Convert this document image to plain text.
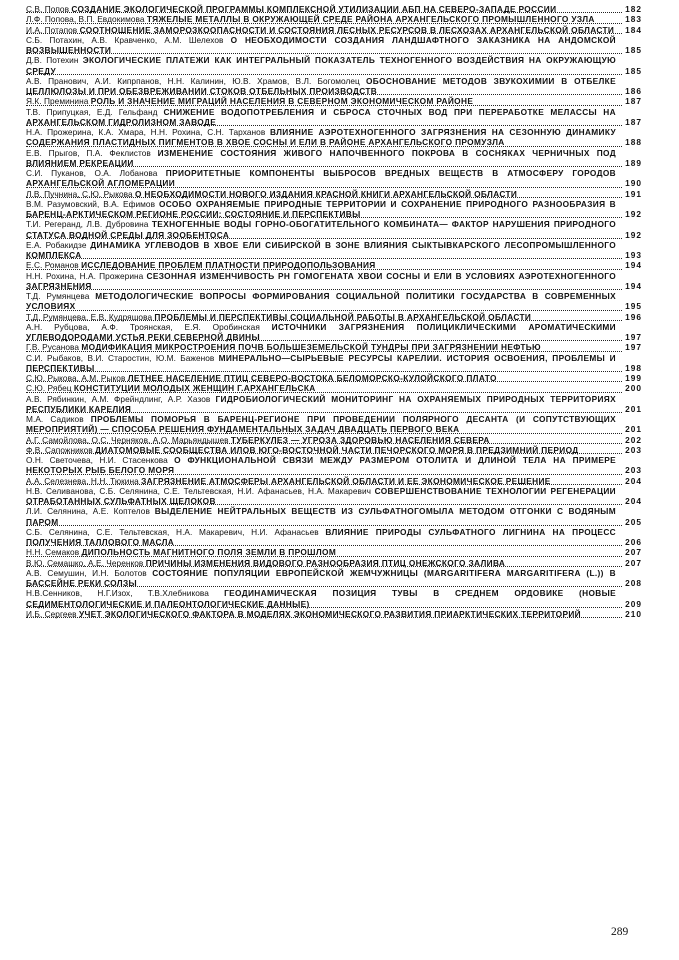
С.В. Попов СОЗДАНИЕ ЭКОЛОГИЧЕСКОЙ ПРОГРАММЫ КОМПЛЕКСНОЙ УТИЛИЗАЦИИ АБП НА СЕВЕРО-ЗАПАДЕ РОССИИ	182
Л.Ф. Попова, В.П. Евдокимова ТЯЖЕЛЫЕ МЕТАЛЛЫ В ОКРУЖАЮЩЕЙ СРЕДЕ РАЙОНА АРХАНГЕЛЬСКОГО ПРОМЫШЛЕННОГО УЗЛА	183
И.А. Потапов СООТНОШЕНИЕ ЗАМОРОЗКООПАСНОСТИ И СОСТОЯНИЯ ЛЕСНЫХ РЕСУРСОВ В ЛЕСХОЗАХ АРХАНГЕЛЬСКОЙ ОБЛАСТИ 184
С.Б. Потахин, А.В. Кравченко, А.М. Шелехов О НЕОБХОДИМОСТИ СОЗДАНИЯ ЛАНДШАФТНОГО ЗАКАЗНИКА НА АНДОМСКОЙ ВОЗВЫШЕННОСТИ	185
Д.В. Потехин ЭКОЛОГИЧЕСКИЕ ПЛАТЕЖИ КАК ИНТЕГРАЛЬНЫЙ ПОКАЗАТЕЛЬ ТЕХНОГЕННОГО ВОЗДЕЙСТВИЯ НА ОКРУЖАЮЩУЮ СРЕДУ	185
А.В. Пранович, А.И. Кипрпанов, Н.Н. Калинин, Ю.В. Храмов, В.Л. Богомолец ОБОСНОВАНИЕ МЕТОДОВ ЗВУКОХИМИИ В ОТБЕЛКЕ ЦЕЛЛЮЛОЗЫ И ПРИ ОБЕЗВРЕЖИВАНИИ СТОКОВ ОТБЕЛЬНЫХ ПРОИЗВОДСТВ	186
Я.К. Преминина РОЛЬ И ЗНАЧЕНИЕ МИГРАЦИЙ НАСЕЛЕНИЯ В СЕВЕРНОМ ЭКОНОМИЧЕСКОМ РАЙОНЕ	187
Т.В. Припуцкая, Е.Д. Гельфанд СНИЖЕНИЕ ВОДОПОТРЕБЛЕНИЯ И СБРОСА СТОЧНЫХ ВОД ПРИ ПЕРЕРАБОТКЕ МЕЛАССЫ НА АРХАНГЕЛЬСКОМ ГИДРОЛИЗНОМ ЗАВОДЕ	187
Н.А. Прожерина, К.А. Хмара, Н.Н. Рохина, С.Н. Тарханов ВЛИЯНИЕ АЭРОТЕХНОГЕННОГО ЗАГРЯЗНЕНИЯ НА СЕЗОННУЮ ДИНАМИКУ СОДЕРЖАНИЯ ПЛАСТИДНЫХ ПИГМЕНТОВ В ХВОЕ СОСНЫ И ЕЛИ В РАЙОНЕ АРХАНГЕЛЬСКОГО ПРОМУЗЛА	188
Е.В. Прыгов, П.А. Феклистов ИЗМЕНЕНИЕ СОСТОЯНИЯ ЖИВОГО НАПОЧВЕННОГО ПОКРОВА В СОСНЯКАХ ЧЕРНИЧНЫХ ПОД ВЛИЯНИЕМ РЕКРЕАЦИИ	189
С.И. Пуканов, О.А. Лобанова ПРИОРИТЕТНЫЕ КОМПОНЕНТЫ ВЫБРОСОВ ВРЕДНЫХ ВЕЩЕСТВ В АТМОСФЕРУ ГОРОДОВ АРХАНГЕЛЬСКОЙ АГЛОМЕРАЦИИ	190
Л.В. Пучнина, С.Ю. Рыкова О НЕОБХОДИМОСТИ НОВОГО ИЗДАНИЯ КРАСНОЙ КНИГИ АРХАНГЕЛЬСКОЙ ОБЛАСТИ	191
В.М. Разумовский, В.А. Ефимов ОСОБО ОХРАНЯЕМЫЕ ПРИРОДНЫЕ ТЕРРИТОРИИ И СОХРАНЕНИЕ ПРИРОДНОГО РАЗНООБРАЗИЯ В БАРЕНЦ-АРКТИЧЕСКОМ РЕГИОНЕ РОССИИ: СОСТОЯНИЕ И ПЕРСПЕКТИВЫ	192
Т.И. Регеранд, Л.В. Дубровина ТЕХНОГЕННЫЕ ВОДЫ ГОРНО-ОБОГАТИТЕЛЬНОГО КОМБИНАТА— ФАКТОР НАРУШЕНИЯ ПРИРОДНОГО СТАТУСА ВОДНОЙ СРЕДЫ ДЛЯ ЗООБЕНТОСА	192
Е.А. Робакидзе ДИНАМИКА УГЛЕВОДОВ В ХВОЕ ЕЛИ СИБИРСКОЙ В ЗОНЕ ВЛИЯНИЯ СЫКТЫВКАРСКОГО ЛЕСОПРОМЫШЛЕННОГО КОМПЛЕКСА	193
Е.С. Романов ИССЛЕДОВАНИЕ ПРОБЛЕМ ПЛАТНОСТИ ПРИРОДОПОЛЬЗОВАНИЯ	194
Н.Н. Рохина, Н.А. Прожерина СЕЗОННАЯ ИЗМЕНЧИВОСТЬ PH ГОМОГЕНАТА ХВОИ СОСНЫ И ЕЛИ В УСЛОВИЯХ АЭРОТЕХНОГЕННОГО ЗАГРЯЗНЕНИЯ	194
Т.Д. Румянцева МЕТОДОЛОГИЧЕСКИЕ ВОПРОСЫ ФОРМИРОВАНИЯ СОЦИАЛЬНОЙ ПОЛИТИКИ ГОСУДАРСТВА В СОВРЕМЕННЫХ УСЛОВИЯХ	195
Т.Д. Румянцева, Е.В. Кудряшова ПРОБЛЕМЫ И ПЕРСПЕКТИВЫ СОЦИАЛЬНОЙ РАБОТЫ В АРХАНГЕЛЬСКОЙ ОБЛАСТИ	196
А.Н. Рубцова, А.Ф. Троянская, Е.Я. Оробинская ИСТОЧНИКИ ЗАГРЯЗНЕНИЯ ПОЛИЦИКЛИЧЕСКИМИ АРОМАТИЧЕСКИМИ УГЛЕВОДОРОДАМИ УСТЬЯ РЕКИ СЕВЕРНОЙ ДВИНЫ	197
Г.В. Русанова МОДИФИКАЦИЯ МИКРОСТРОЕНИЯ ПОЧВ БОЛЬШЕЗЕМЕЛЬСКОЙ ТУНДРЫ ПРИ ЗАГРЯЗНЕНИИ НЕФТЬЮ	197
С.И. Рыбаков, В.И. Старостин, Ю.М. Баженов МИНЕРАЛЬНО—СЫРЬЕВЫЕ РЕСУРСЫ КАРЕЛИИ. ИСТОРИЯ ОСВОЕНИЯ, ПРОБЛЕМЫ И ПЕРСПЕКТИВЫ	198
С.Ю. Рыкова, А.М. Рыков ЛЕТНЕЕ НАСЕЛЕНИЕ ПТИЦ СЕВЕРО-ВОСТОКА БЕЛОМОРСКО-КУЛОЙСКОГО ПЛАТО	199
С.Ю. Рябец КОНСТИТУЦИИ МОЛОДЫХ ЖЕНЩИН Г.АРХАНГЕЛЬСКА	200
А.В. Рябинкин, А.М. Фрейндлинг, А.Р. Хазов ГИДРОБИОЛОГИЧЕСКИЙ МОНИТОРИНГ НА ОХРАНЯЕМЫХ ПРИРОДНЫХ ТЕРРИТОРИЯХ РЕСПУБЛИКИ КАРЕЛИЯ	201
М.А. Садиков ПРОБЛЕМЫ ПОМОРЬЯ В БАРЕНЦ-РЕГИОНЕ ПРИ ПРОВЕДЕНИИ ПОЛЯРНОГО ДЕСАНТА (И СОПУТСТВУЮЩИХ МЕРОПРИЯТИЙ) — СПОСОБА РЕШЕНИЯ ФУНДАМЕНТАЛЬНЫХ ЗАДАЧ ДВАДЦАТЬ ПЕРВОГО ВЕКА	201
А.Г. Самойлова, О.С. Черняков, А.О. Марьяндышев ТУБЕРКУЛЕЗ — УГРОЗА ЗДОРОВЬЮ НАСЕЛЕНИЯ СЕВЕРА	202
Ф.В. Сапожников ДИАТОМОВЫЕ СООБЩЕСТВА ИЛОВ ЮГО-ВОСТОЧНОЙ ЧАСТИ ПЕЧОРСКОГО МОРЯ В ПРЕДЗИМНИЙ ПЕРИОД	203
О.Н. Светочева, Н.И. Стасенкова О ФУНКЦИОНАЛЬНОЙ СВЯЗИ МЕЖДУ РАЗМЕРОМ ОТОЛИТА И ДЛИНОЙ ТЕЛА НА ПРИМЕРЕ НЕКОТОРЫХ РЫБ БЕЛОГО МОРЯ	203
А.А. Селезнева, Н.Н. Тюкина ЗАГРЯЗНЕНИЕ АТМОСФЕРЫ АРХАНГЕЛЬСКОЙ ОБЛАСТИ И ЕЕ ЭКОНОМИЧЕСКОЕ РЕШЕНИЕ	204
Н.В. Селиванова, С.Б. Селянина, С.Е. Тельтевская, Н.И. Афанасьев, Н.А. Макаревич СОВЕРШЕНСТВОВАНИЕ ТЕХНОЛОГИИ РЕГЕНЕРАЦИИ ОТРАБОТАННЫХ СУЛЬФАТНЫХ ЩЕЛОКОВ	204
Л.И. Селянина, А.Е. Коптелов ВЫДЕЛЕНИЕ НЕЙТРАЛЬНЫХ ВЕЩЕСТВ ИЗ СУЛЬФАТНОГОМЫЛА МЕТОДОМ ОТГОНКИ С ВОДЯНЫМ ПАРОМ	205
С.Б. Селянина, С.Е. Тельтевская, Н.А. Макаревич, Н.И. Афанасьев ВЛИЯНИЕ ПРИРОДЫ СУЛЬФАТНОГО ЛИГНИНА НА ПРОЦЕСС ПОЛУЧЕНИЯ ТАЛЛОВОГО МАСЛА	206
Н.Н. Семаков ДИПОЛЬНОСТЬ МАГНИТНОГО ПОЛЯ ЗЕМЛИ В ПРОШЛОМ	207
В.Ю. Семашко, А.Е. Черенков ПРИЧИНЫ ИЗМЕНЕНИЯ ВИДОВОГО РАЗНООБРАЗИЯ ПТИЦ ОНЕЖСКОГО ЗАЛИВА	207
А.В. Семушин, И.Н. Болотов СОСТОЯНИЕ ПОПУЛЯЦИИ ЕВРОПЕЙСКОЙ ЖЕМЧУЖНИЦЫ (MARGARITIFERA MARGARITIFERA (L.)) В БАССЕЙНЕ РЕКИ СОЛЗЫ	208
Н.В.Сенников, Н.Г.Изох, Т.В.Хлебникова ГЕОДИНАМИЧЕСКАЯ ПОЗИЦИЯ ТУВЫ В СРЕДНЕМ ОРДОВИКЕ (НОВЫЕ СЕДИМЕНТОЛОГИЧЕСКИЕ И ПАЛЕОНТОЛОГИЧЕСКИЕ ДАННЫЕ)	209
И.Б. Сергеев УЧЕТ ЭКОЛОГИЧЕСКОГО ФАКТОРА В МОДЕЛЯХ ЭКОНОМИЧЕСКОГО РАЗВИТИЯ ПРИАРКТИЧЕСКИХ ТЕРРИТОРИЙ	210
289
